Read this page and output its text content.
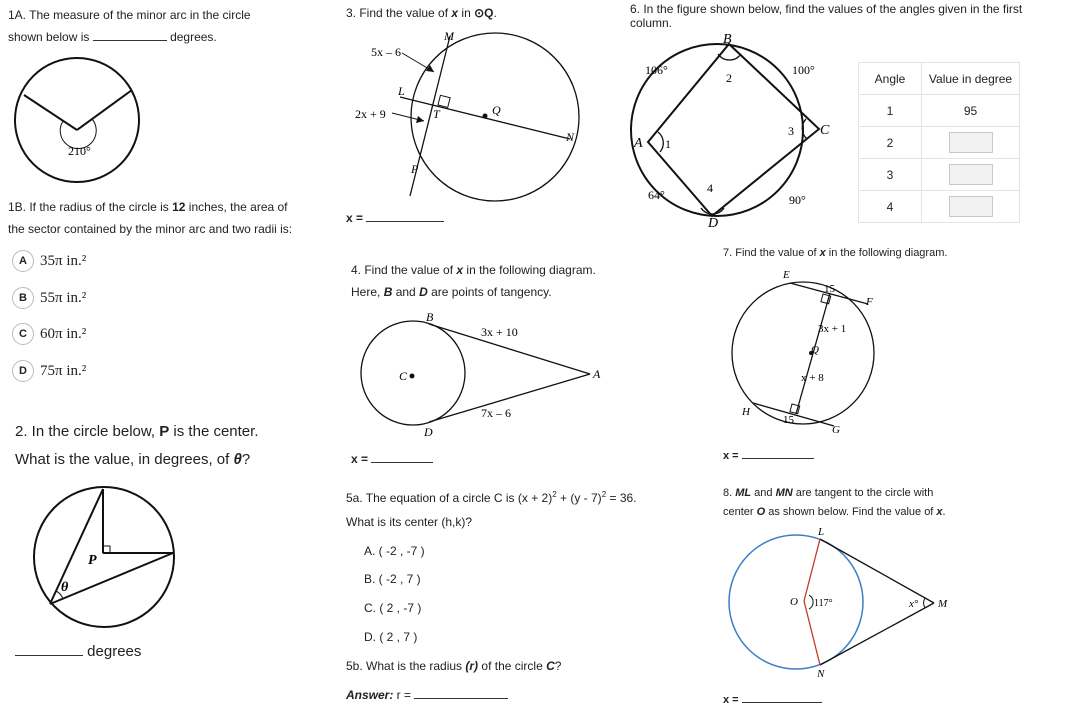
1A. The measure of the minor arc in the circle
shown below is	degrees.
210°
1B. If the radius of the circle is 12 inches, the area of
the sector contained by the minor arc and two radii is:
A 35π in.²
B 55π in.²
C 60π in.²
D 75π in.²
2. In the circle below, P is the center.
What is the value, in degrees, of θ?
P
θ
degrees
3. Find the value of x in ⊙Q.
5x – 6
2x + 9
M
L
T	Q
N
P
x =
4. Find the value of x in the following diagram.
Here, B and D are points of tangency.
B
C
D
A
3x + 10
7x – 6
x =
5a. The equation of a circle C is $(x + 2)^2 + (y - 7)^2 = 36$.
What is its center (h,k)?
A. ( -2 , -7 )
B. ( -2 , 7 )
C. ( 2 , -7 )
D. ( 2 , 7 )
5b. What is the radius (r) of the circle C?
Answer: r =
6. In the figure shown below, find the values of the angles given in the first column.
B
A
C
D
106°	100°
64°	90°
1
2
3
4
Angle	Value in degree
1	95
2	
3	
4	
7. Find the value of x in the following diagram.
E
F
Q
H
G
15
15
3x + 1
x + 8
x =
8. ML and MN are tangent to the circle with
center O as shown below. Find the value of x.
L
O 117°	x° M
N
x =
